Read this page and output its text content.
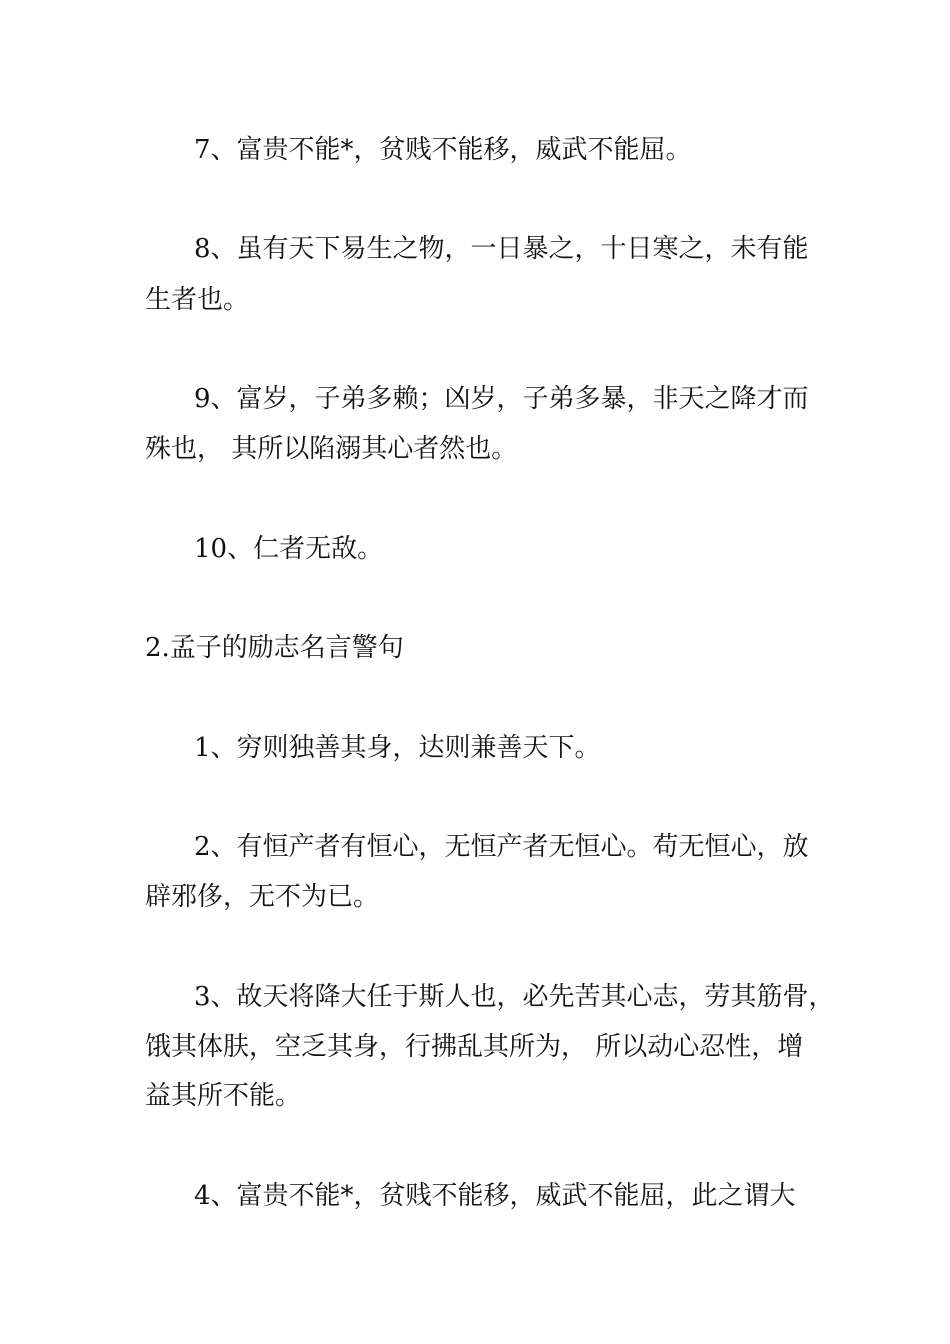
7、富贵不能*，贫贱不能移，威武不能屈。
8、虽有天下易生之物，一日暴之，十日寒之，未有能
生者也。
9、富岁，子弟多赖；凶岁，子弟多暴，非天之降才而
殊也， 其所以陷溺其心者然也。
10、仁者无敌。
2.孟子的励志名言警句
1、穷则独善其身，达则兼善天下。
2、有恒产者有恒心，无恒产者无恒心。苟无恒心，放
辟邪侈，无不为已。
3、故天将降大任于斯人也，必先苦其心志，劳其筋骨，
饿其体肤，空乏其身，行拂乱其所为， 所以动心忍性，增
益其所不能。
4、富贵不能*，贫贱不能移，威武不能屈，此之谓大
